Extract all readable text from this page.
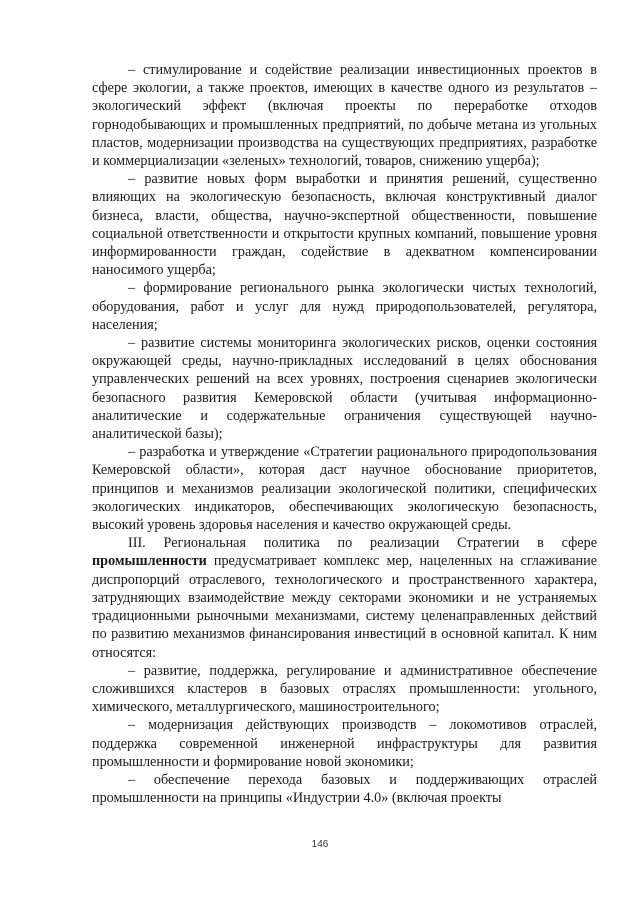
– стимулирование и содействие реализации инвестиционных проектов в сфере экологии, а также проектов, имеющих в качестве одного из результатов – экологический эффект (включая проекты по переработке отходов горнодобывающих и промышленных предприятий, по добыче метана из угольных пластов, модернизации производства на существующих предприятиях, разработке и коммерциализации «зеленых» технологий, товаров, снижению ущерба);

– развитие новых форм выработки и принятия решений, существенно влияющих на экологическую безопасность, включая конструктивный диалог бизнеса, власти, общества, научно-экспертной общественности, повышение социальной ответственности и открытости крупных компаний, повышение уровня информированности граждан, содействие в адекватном компенсировании наносимого ущерба;

– формирование регионального рынка экологически чистых технологий, оборудования, работ и услуг для нужд природопользователей, регулятора, населения;

– развитие системы мониторинга экологических рисков, оценки состояния окружающей среды, научно-прикладных исследований в целях обоснования управленческих решений на всех уровнях, построения сценариев экологически безопасного развития Кемеровской области (учитывая информационно-аналитические и содержательные ограничения существующей научно-аналитической базы);

– разработка и утверждение «Стратегии рационального природопользования Кемеровской области», которая даст научное обоснование приоритетов, принципов и механизмов реализации экологической политики, специфических экологических индикаторов, обеспечивающих экологическую безопасность, высокий уровень здоровья населения и качество окружающей среды.

III. Региональная политика по реализации Стратегии в сфере промышленности предусматривает комплекс мер, нацеленных на сглаживание диспропорций отраслевого, технологического и пространственного характера, затрудняющих взаимодействие между секторами экономики и не устраняемых традиционными рыночными механизмами, систему целенаправленных действий по развитию механизмов финансирования инвестиций в основной капитал. К ним относятся:

– развитие, поддержка, регулирование и административное обеспечение сложившихся кластеров в базовых отраслях промышленности: угольного, химического, металлургического, машиностроительного;

– модернизация действующих производств – локомотивов отраслей, поддержка современной инженерной инфраструктуры для развития промышленности и формирование новой экономики;

– обеспечение перехода базовых и поддерживающих отраслей промышленности на принципы «Индустрии 4.0» (включая проекты

146
